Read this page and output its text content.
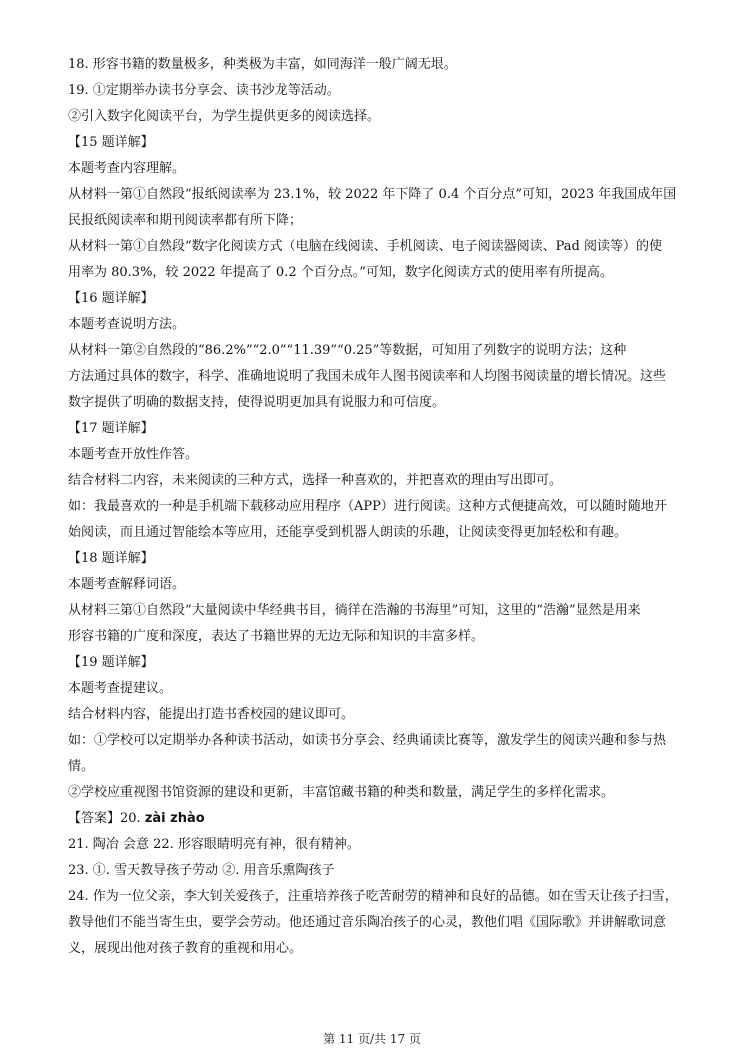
18. 形容书籍的数量极多，种类极为丰富，如同海洋一般广阔无垠。

19. ①定期举办读书分享会、读书沙龙等活动。

②引入数字化阅读平台，为学生提供更多的阅读选择。

【15 题详解】

本题考查内容理解。

从材料一第①自然段“报纸阅读率为 23.1%，较 2022 年下降了 0.4 个百分点”可知，2023 年我国成年国

民报纸阅读率和期刊阅读率都有所下降；

从材料一第①自然段“数字化阅读方式（电脑在线阅读、手机阅读、电子阅读器阅读、Pad 阅读等）的使

用率为 80.3%，较 2022 年提高了 0.2 个百分点。”可知，数字化阅读方式的使用率有所提高。

【16 题详解】

本题考查说明方法。

从材料一第②自然段的“86.2%”“2.0”“11.39”“0.25”等数据，可知用了列数字的说明方法；这种

方法通过具体的数字，科学、准确地说明了我国未成年人图书阅读率和人均图书阅读量的增长情况。这些

数字提供了明确的数据支持，使得说明更加具有说服力和可信度。

【17 题详解】

本题考查开放性作答。

结合材料二内容，未来阅读的三种方式，选择一种喜欢的，并把喜欢的理由写出即可。

如：我最喜欢的一种是手机端下载移动应用程序（APP）进行阅读。这种方式便捷高效，可以随时随地开

始阅读，而且通过智能绘本等应用，还能享受到机器人朗读的乐趣，让阅读变得更加轻松和有趣。

【18 题详解】

本题考查解释词语。

从材料三第①自然段“大量阅读中华经典书目，徜徉在浩瀚的书海里”可知，这里的“浩瀚”显然是用来

形容书籍的广度和深度，表达了书籍世界的无边无际和知识的丰富多样。

【19 题详解】

本题考查提建议。

结合材料内容，能提出打造书香校园的建议即可。

如：①学校可以定期举办各种读书活动，如读书分享会、经典诵读比赛等，激发学生的阅读兴趣和参与热

情。

②学校应重视图书馆资源的建设和更新，丰富馆藏书籍的种类和数量，满足学生的多样化需求。

【答案】20. zài zhào

21. 陶冶 会意 22. 形容眼睛明亮有神，很有精神。

23. ①. 雪天教导孩子劳动 ②. 用音乐熏陶孩子

24. 作为一位父亲，李大钊关爱孩子，注重培养孩子吃苦耐劳的精神和良好的品德。如在雪天让孩子扫雪，

教导他们不能当寄生虫，要学会劳动。他还通过音乐陶冶孩子的心灵，教他们唱《国际歌》并讲解歌词意

义，展现出他对孩子教育的重视和用心。

第 11 页/共 17 页
